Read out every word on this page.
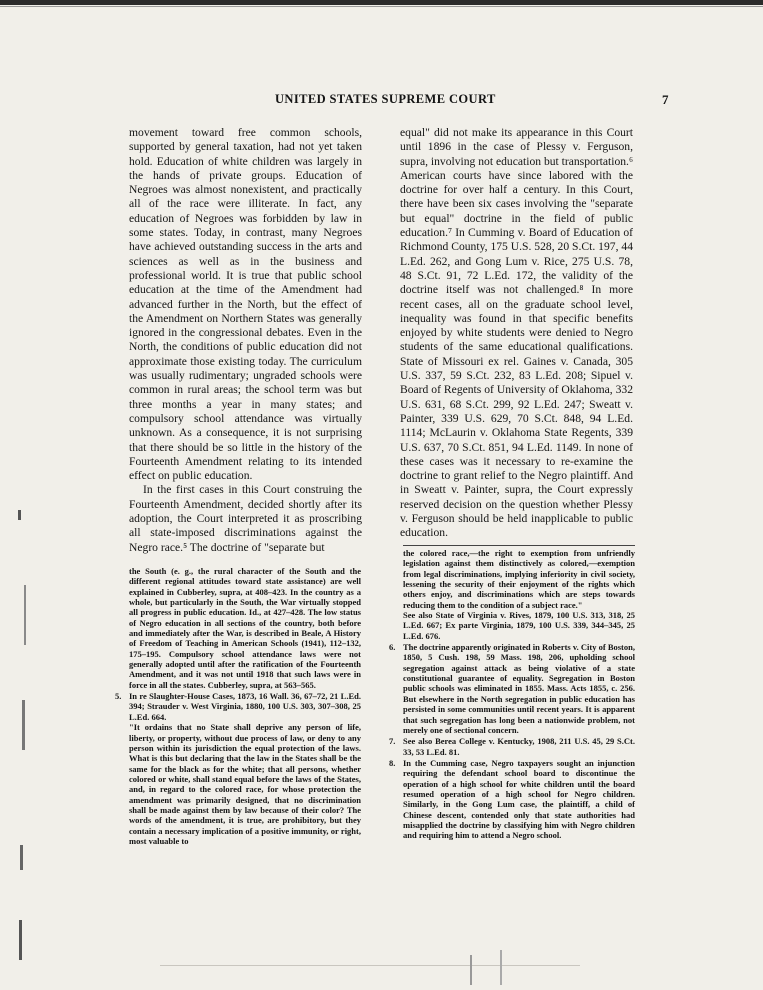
UNITED STATES SUPREME COURT	7

movement toward free common schools, supported by general taxation, had not yet taken hold. Education of white children was largely in the hands of private groups. Education of Negroes was almost nonexistent, and practically all of the race were illiterate. In fact, any education of Negroes was forbidden by law in some states. Today, in contrast, many Negroes have achieved outstanding success in the arts and sciences as well as in the business and professional world. It is true that public school education at the time of the Amendment had advanced further in the North, but the effect of the Amendment on Northern States was generally ignored in the congressional debates. Even in the North, the conditions of public education did not approximate those existing today. The curriculum was usually rudimentary; ungraded schools were common in rural areas; the school term was but three months a year in many states; and compulsory school attendance was virtually unknown. As a consequence, it is not surprising that there should be so little in the history of the Fourteenth Amendment relating to its intended effect on public education.

In the first cases in this Court construing the Fourteenth Amendment, decided shortly after its adoption, the Court interpreted it as proscribing all state-imposed discriminations against the Negro race.⁵ The doctrine of "separate but

equal" did not make its appearance in this Court until 1896 in the case of Plessy v. Ferguson, supra, involving not education but transportation.⁶ American courts have since labored with the doctrine for over half a century. In this Court, there have been six cases involving the "separate but equal" doctrine in the field of public education.⁷ In Cumming v. Board of Education of Richmond County, 175 U.S. 528, 20 S.Ct. 197, 44 L.Ed. 262, and Gong Lum v. Rice, 275 U.S. 78, 48 S.Ct. 91, 72 L.Ed. 172, the validity of the doctrine itself was not challenged.⁸ In more recent cases, all on the graduate school level, inequality was found in that specific benefits enjoyed by white students were denied to Negro students of the same educational qualifications. State of Missouri ex rel. Gaines v. Canada, 305 U.S. 337, 59 S.Ct. 232, 83 L.Ed. 208; Sipuel v. Board of Regents of University of Oklahoma, 332 U.S. 631, 68 S.Ct. 299, 92 L.Ed. 247; Sweatt v. Painter, 339 U.S. 629, 70 S.Ct. 848, 94 L.Ed. 1114; McLaurin v. Oklahoma State Regents, 339 U.S. 637, 70 S.Ct. 851, 94 L.Ed. 1149. In none of these cases was it necessary to re-examine the doctrine to grant relief to the Negro plaintiff. And in Sweatt v. Painter, supra, the Court expressly reserved decision on the question whether Plessy v. Ferguson should be held inapplicable to public education.

the South (e. g., the rural character of the South and the different regional attitudes toward state assistance) are well explained in Cubberley, supra, at 408–423. In the country as a whole, but particularly in the South, the War virtually stopped all progress in public education. Id., at 427–428. The low status of Negro education in all sections of the country, both before and immediately after the War, is described in Beale, A History of Freedom of Teaching in American Schools (1941), 112–132, 175–195. Compulsory school attendance laws were not generally adopted until after the ratification of the Fourteenth Amendment, and it was not until 1918 that such laws were in force in all the states. Cubberley, supra, at 563–565.

5. In re Slaughter-House Cases, 1873, 16 Wall. 36, 67–72, 21 L.Ed. 394; Strauder v. West Virginia, 1880, 100 U.S. 303, 307–308, 25 L.Ed. 664.

"It ordains that no State shall deprive any person of life, liberty, or property, without due process of law, or deny to any person within its jurisdiction the equal protection of the laws. What is this but declaring that the law in the States shall be the same for the black as for the white; that all persons, whether colored or white, shall stand equal before the laws of the States, and, in regard to the colored race, for whose protection the amendment was primarily designed, that no discrimination shall be made against them by law because of their color? The words of the amendment, it is true, are prohibitory, but they contain a necessary implication of a positive immunity, or right, most valuable to

the colored race,—the right to exemption from unfriendly legislation against them distinctively as colored,—exemption from legal discriminations, implying inferiority in civil society, lessening the security of their enjoyment of the rights which others enjoy, and discriminations which are steps towards reducing them to the condition of a subject race."

See also State of Virginia v. Rives, 1879, 100 U.S. 313, 318, 25 L.Ed. 667; Ex parte Virginia, 1879, 100 U.S. 339, 344–345, 25 L.Ed. 676.

6. The doctrine apparently originated in Roberts v. City of Boston, 1850, 5 Cush. 198, 59 Mass. 198, 206, upholding school segregation against attack as being violative of a state constitutional guarantee of equality. Segregation in Boston public schools was eliminated in 1855. Mass. Acts 1855, c. 256. But elsewhere in the North segregation in public education has persisted in some communities until recent years. It is apparent that such segregation has long been a nationwide problem, not merely one of sectional concern.

7. See also Berea College v. Kentucky, 1908, 211 U.S. 45, 29 S.Ct. 33, 53 L.Ed. 81.

8. In the Cumming case, Negro taxpayers sought an injunction requiring the defendant school board to discontinue the operation of a high school for white children until the board resumed operation of a high school for Negro children. Similarly, in the Gong Lum case, the plaintiff, a child of Chinese descent, contended only that state authorities had misapplied the doctrine by classifying him with Negro children and requiring him to attend a Negro school.
